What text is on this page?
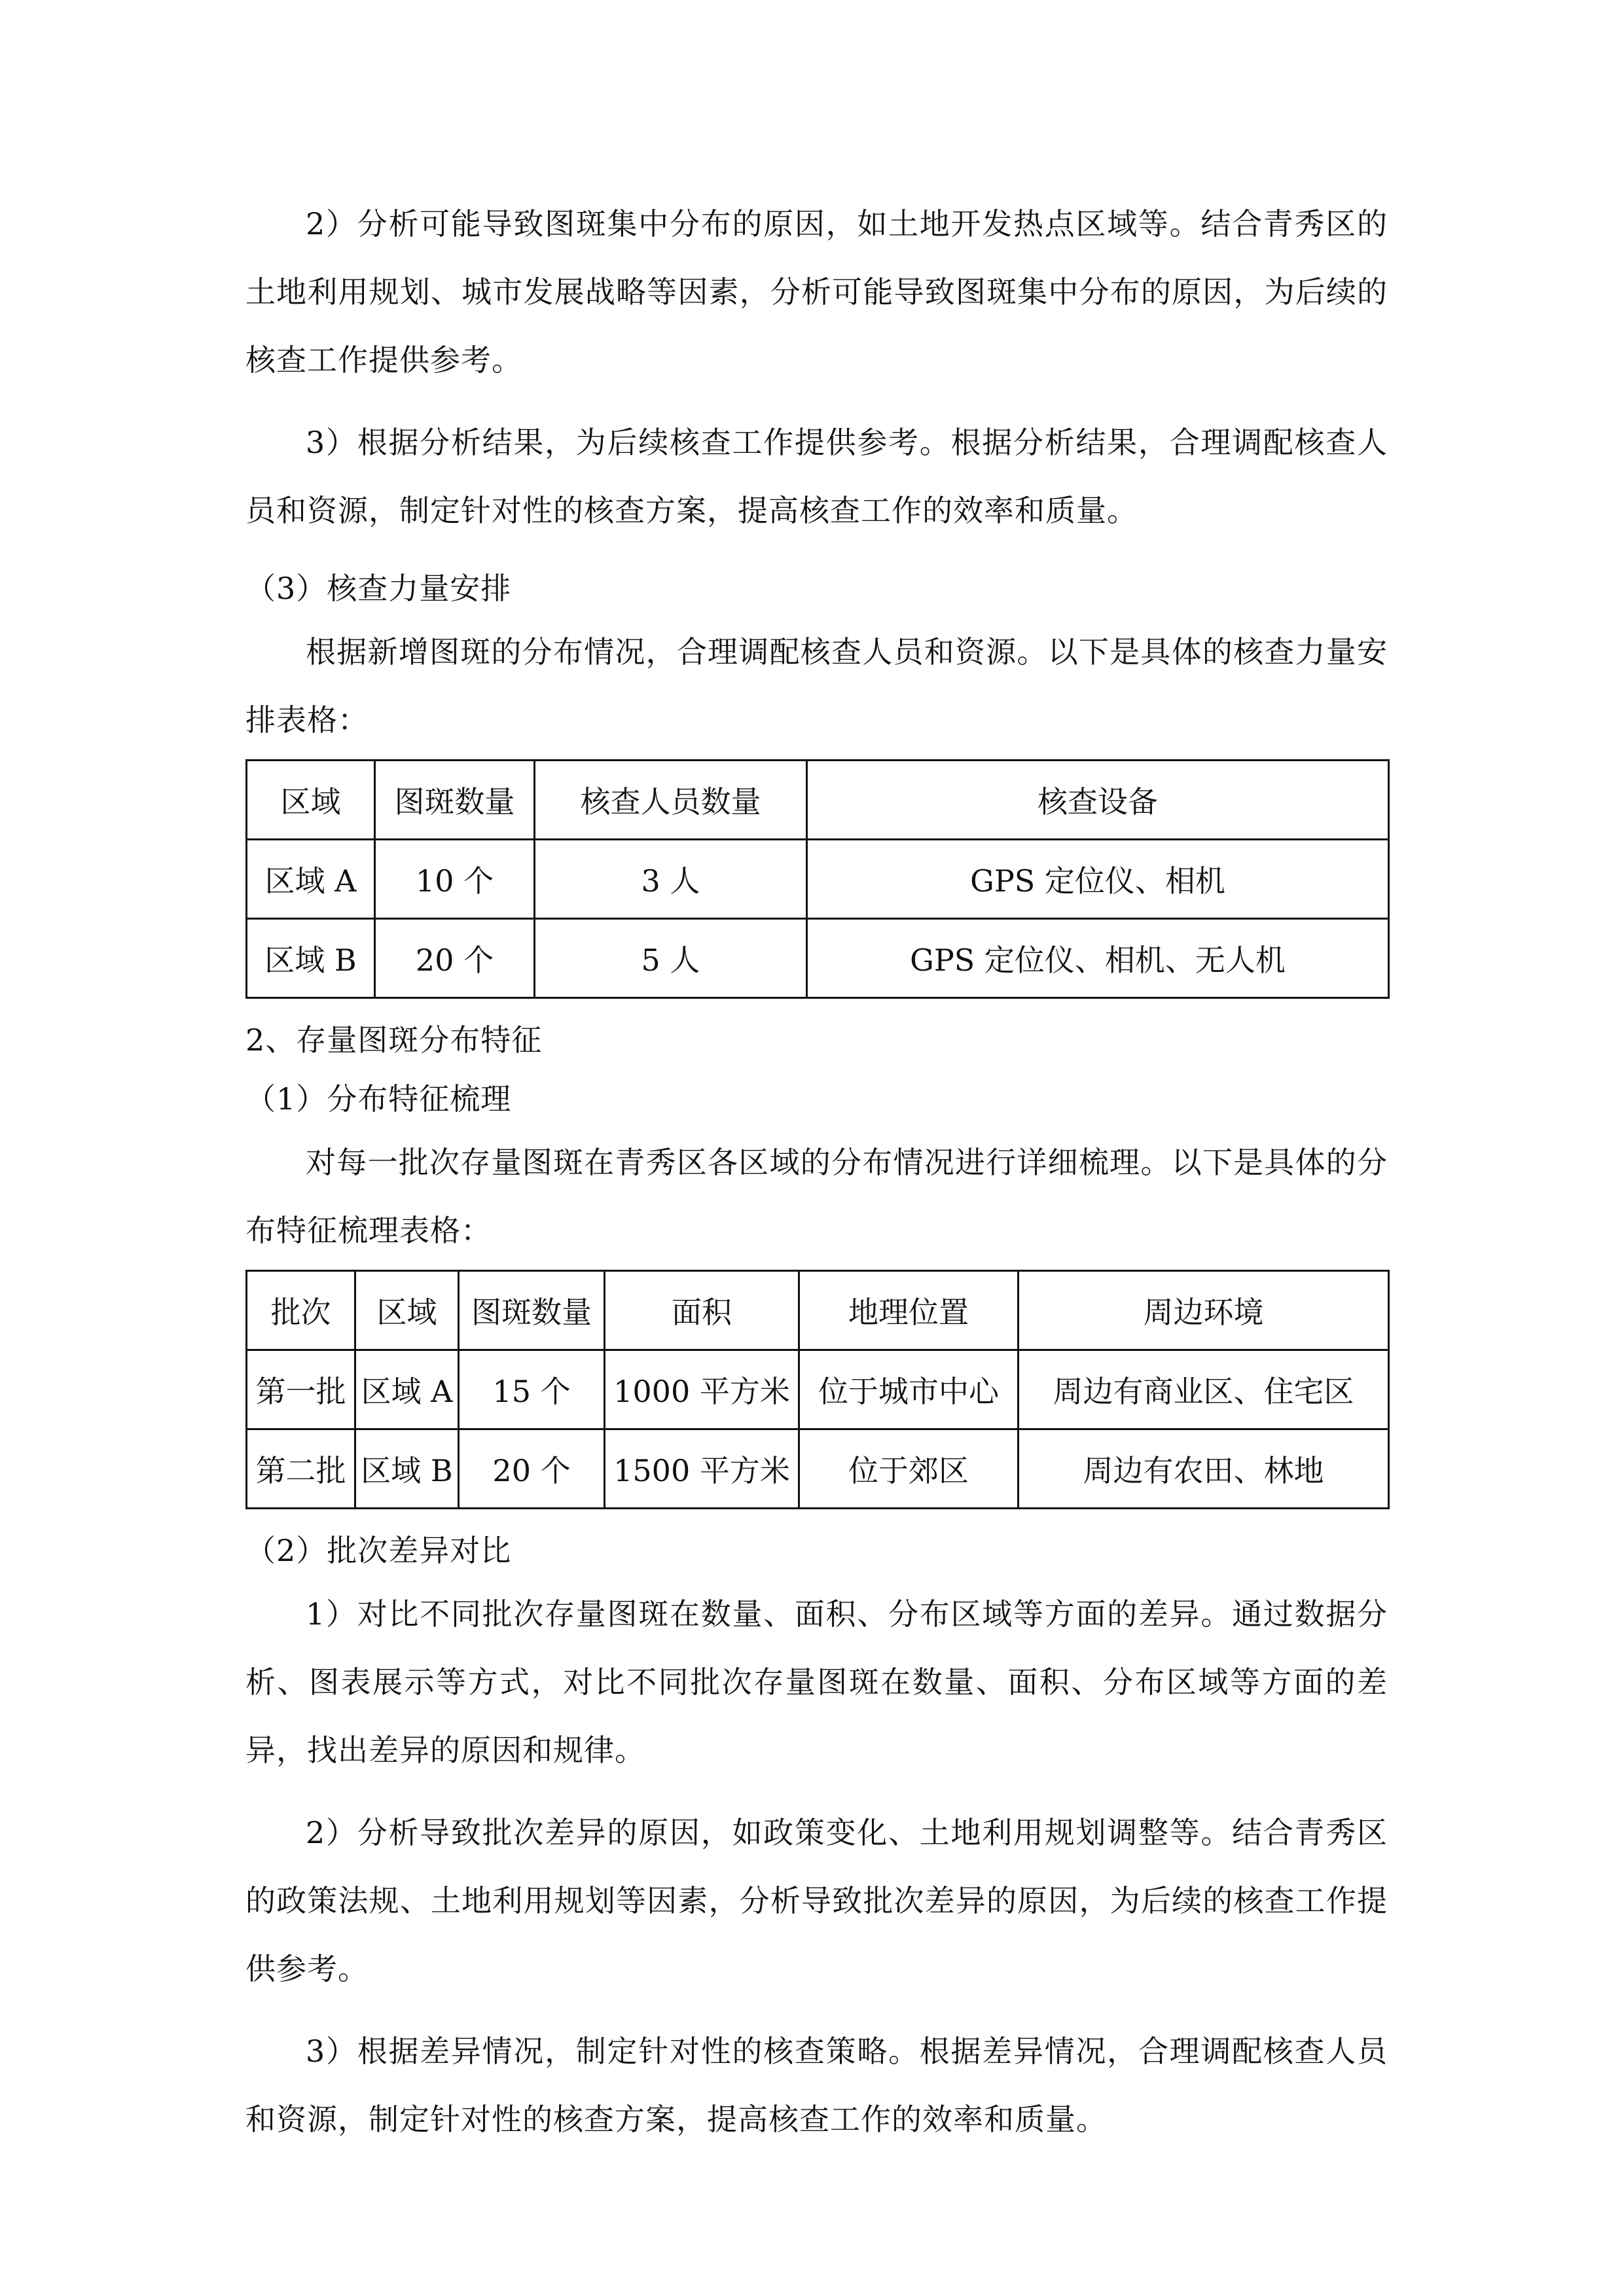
2）分析可能导致图斑集中分布的原因，如土地开发热点区域等。结合青秀区的土地利用规划、城市发展战略等因素，分析可能导致图斑集中分布的原因，为后续的核查工作提供参考。

3）根据分析结果，为后续核查工作提供参考。根据分析结果，合理调配核查人员和资源，制定针对性的核查方案，提高核查工作的效率和质量。

（3）核查力量安排

根据新增图斑的分布情况，合理调配核查人员和资源。以下是具体的核查力量安排表格：

区域	图斑数量	核查人员数量	核查设备
区域 A	10 个	3 人	GPS 定位仪、相机
区域 B	20 个	5 人	GPS 定位仪、相机、无人机

2、存量图斑分布特征

（1）分布特征梳理

对每一批次存量图斑在青秀区各区域的分布情况进行详细梳理。以下是具体的分布特征梳理表格：

批次	区域	图斑数量	面积	地理位置	周边环境
第一批	区域 A	15 个	1000 平方米	位于城市中心	周边有商业区、住宅区
第二批	区域 B	20 个	1500 平方米	位于郊区	周边有农田、林地

（2）批次差异对比

1）对比不同批次存量图斑在数量、面积、分布区域等方面的差异。通过数据分析、图表展示等方式，对比不同批次存量图斑在数量、面积、分布区域等方面的差异，找出差异的原因和规律。

2）分析导致批次差异的原因，如政策变化、土地利用规划调整等。结合青秀区的政策法规、土地利用规划等因素，分析导致批次差异的原因，为后续的核查工作提供参考。

3）根据差异情况，制定针对性的核查策略。根据差异情况，合理调配核查人员和资源，制定针对性的核查方案，提高核查工作的效率和质量。
